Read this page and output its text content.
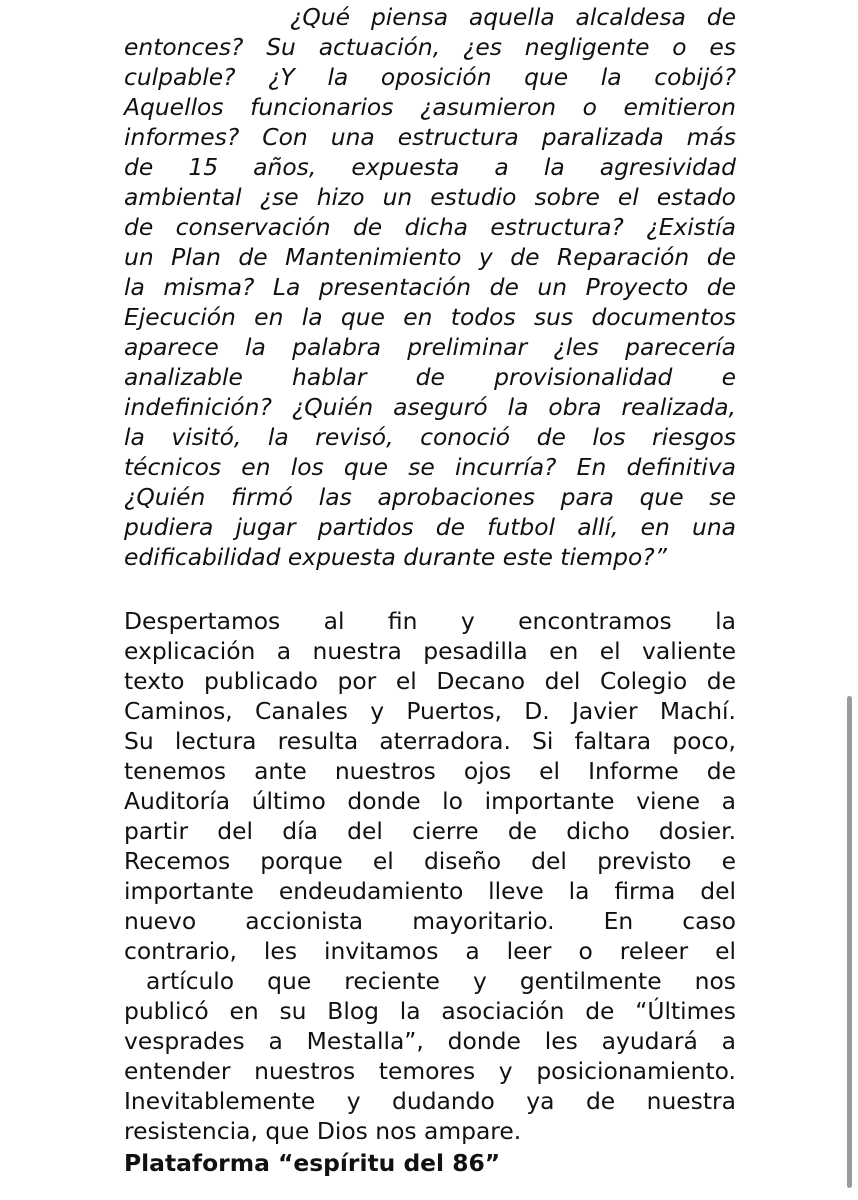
¿Qué piensa aquella alcaldesa de
entonces? Su actuación, ¿es negligente o es
culpable? ¿Y la oposición que la cobijó?
Aquellos funcionarios ¿asumieron o emitieron
informes? Con una estructura paralizada más
de 15 años, expuesta a la agresividad
ambiental ¿se hizo un estudio sobre el estado
de conservación de dicha estructura? ¿Existía
un Plan de Mantenimiento y de Reparación de
la misma? La presentación de un Proyecto de
Ejecución en la que en todos sus documentos
aparece la palabra preliminar ¿les parecería
analizable hablar de provisionalidad e
indefinición? ¿Quién aseguró la obra realizada,
la visitó, la revisó, conoció de los riesgos
técnicos en los que se incurría? En definitiva
¿Quién firmó las aprobaciones para que se
pudiera jugar partidos de futbol allí, en una
edificabilidad expuesta durante este tiempo?”
Despertamos al fin y encontramos la
explicación a nuestra pesadilla en el valiente
texto publicado por el Decano del Colegio de
Caminos, Canales y Puertos, D. Javier Machí.
Su lectura resulta aterradora. Si faltara poco,
tenemos ante nuestros ojos el Informe de
Auditoría último donde lo importante viene a
partir del día del cierre de dicho dosier.
Recemos porque el diseño del previsto e
importante endeudamiento lleve la firma del
nuevo accionista mayoritario. En caso
contrario, les invitamos a leer o releer el
artículo que reciente y gentilmente nos
publicó en su Blog la asociación de “Últimes
vesprades a Mestalla”, donde les ayudará a
entender nuestros temores y posicionamiento.
Inevitablemente y dudando ya de nuestra
resistencia, que Dios nos ampare.
Plataforma “espíritu del 86”
